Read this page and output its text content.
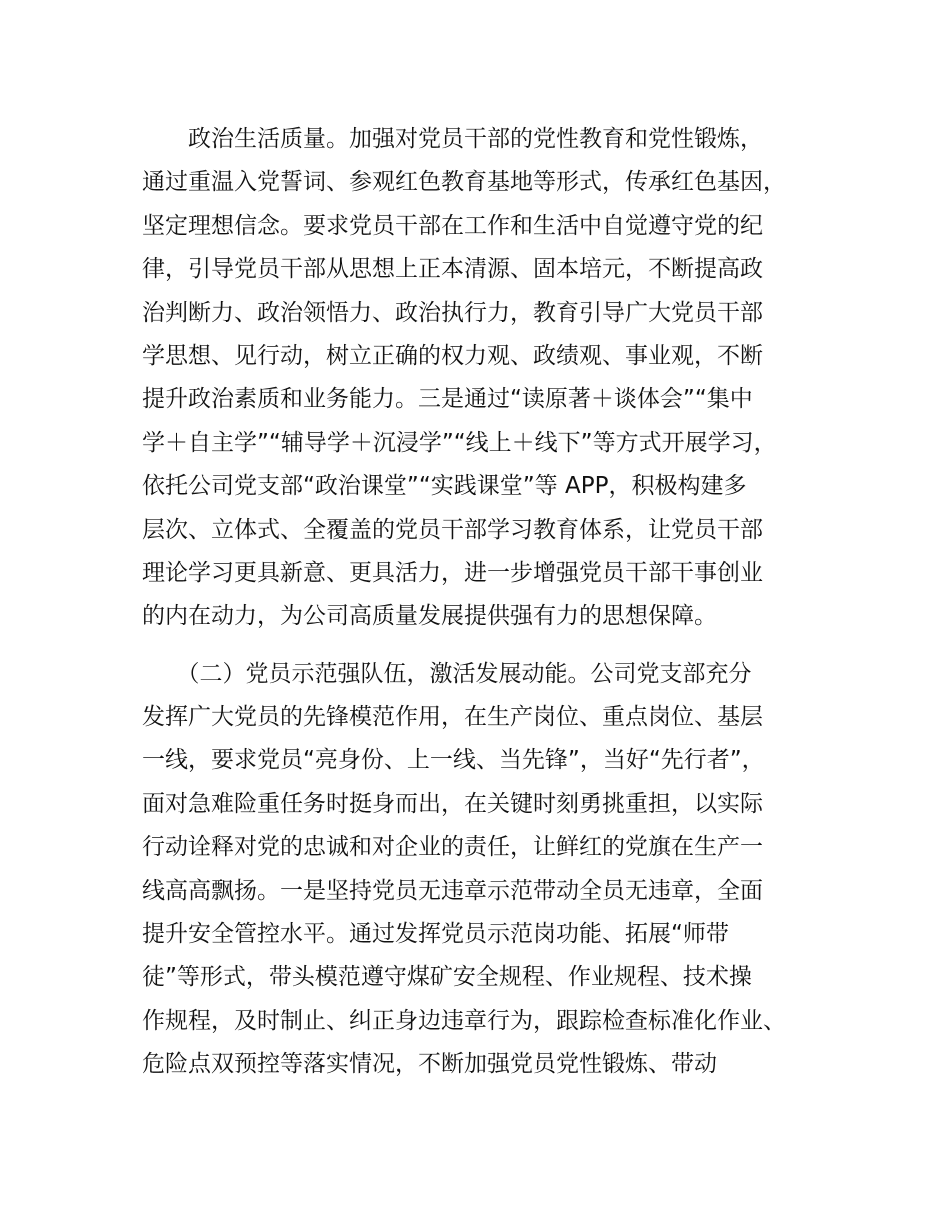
　　政治生活质量。加强对党员干部的党性教育和党性锻炼，
通过重温入党誓词、参观红色教育基地等形式，传承红色基因，
坚定理想信念。要求党员干部在工作和生活中自觉遵守党的纪
律，引导党员干部从思想上正本清源、固本培元，不断提高政
治判断力、政治领悟力、政治执行力，教育引导广大党员干部
学思想、见行动，树立正确的权力观、政绩观、事业观，不断
提升政治素质和业务能力。三是通过“读原著＋谈体会”“集中
学＋自主学”“辅导学＋沉浸学”“线上＋线下”等方式开展学习，
依托公司党支部“政治课堂”“实践课堂”等 APP，积极构建多
层次、立体式、全覆盖的党员干部学习教育体系，让党员干部
理论学习更具新意、更具活力，进一步增强党员干部干事创业
的内在动力，为公司高质量发展提供强有力的思想保障。
　　（二）党员示范强队伍，激活发展动能。公司党支部充分
发挥广大党员的先锋模范作用，在生产岗位、重点岗位、基层
一线，要求党员“亮身份、上一线、当先锋”，当好“先行者”，
面对急难险重任务时挺身而出，在关键时刻勇挑重担，以实际
行动诠释对党的忠诚和对企业的责任，让鲜红的党旗在生产一
线高高飘扬。一是坚持党员无违章示范带动全员无违章，全面
提升安全管控水平。通过发挥党员示范岗功能、拓展“师带
徒”等形式，带头模范遵守煤矿安全规程、作业规程、技术操
作规程，及时制止、纠正身边违章行为，跟踪检查标准化作业、
危险点双预控等落实情况，不断加强党员党性锻炼、带动
